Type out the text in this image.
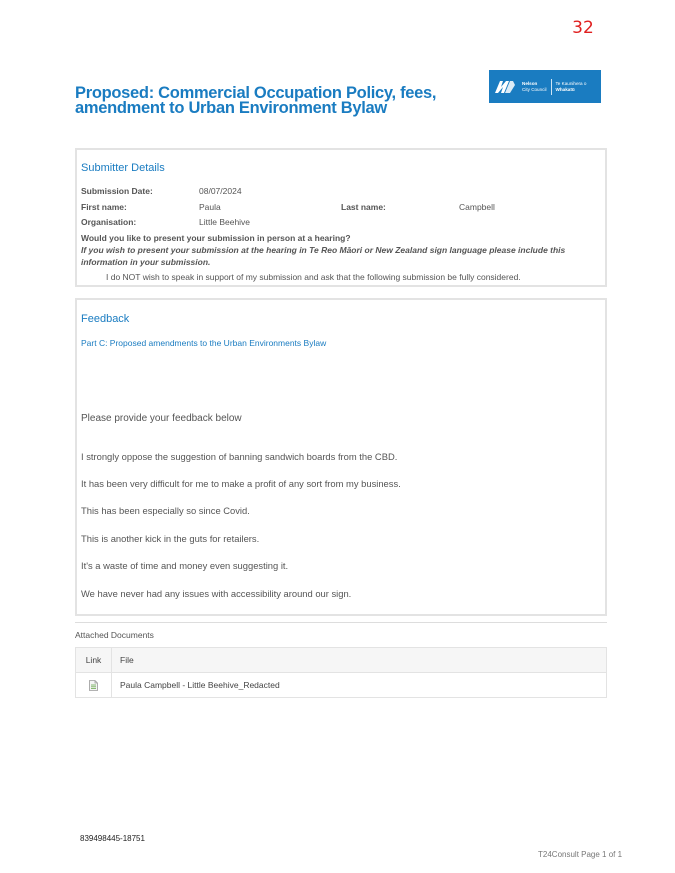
32
Proposed: Commercial Occupation Policy, fees, amendment to Urban Environment Bylaw
Nelson
City Council
Te Kaunihera o
Whakatū
Submitter Details
Submission Date:	08/07/2024
First name:	Paula	Last name:	Campbell
Organisation:	Little Beehive
Would you like to present your submission in person at a hearing?
If you wish to present your submission at the hearing in Te Reo Māori or New Zealand sign language please include this information in your submission.
I do NOT wish to speak in support of my submission and ask that the following submission be fully considered.
Feedback
Part C: Proposed amendments to the Urban Environments Bylaw
Please provide your feedback below
I strongly oppose the suggestion of banning sandwich boards from the CBD.
It has been very difficult for me to make a profit of any sort from my business.
This has been especially so since Covid.
This is another kick in the guts for retailers.
It's a waste of time and money even suggesting it.
We have never had any issues with accessibility around our sign.
Attached Documents
Link	File
Paula Campbell - Little Beehive_Redacted
839498445-18751
T24Consult Page 1 of 1
